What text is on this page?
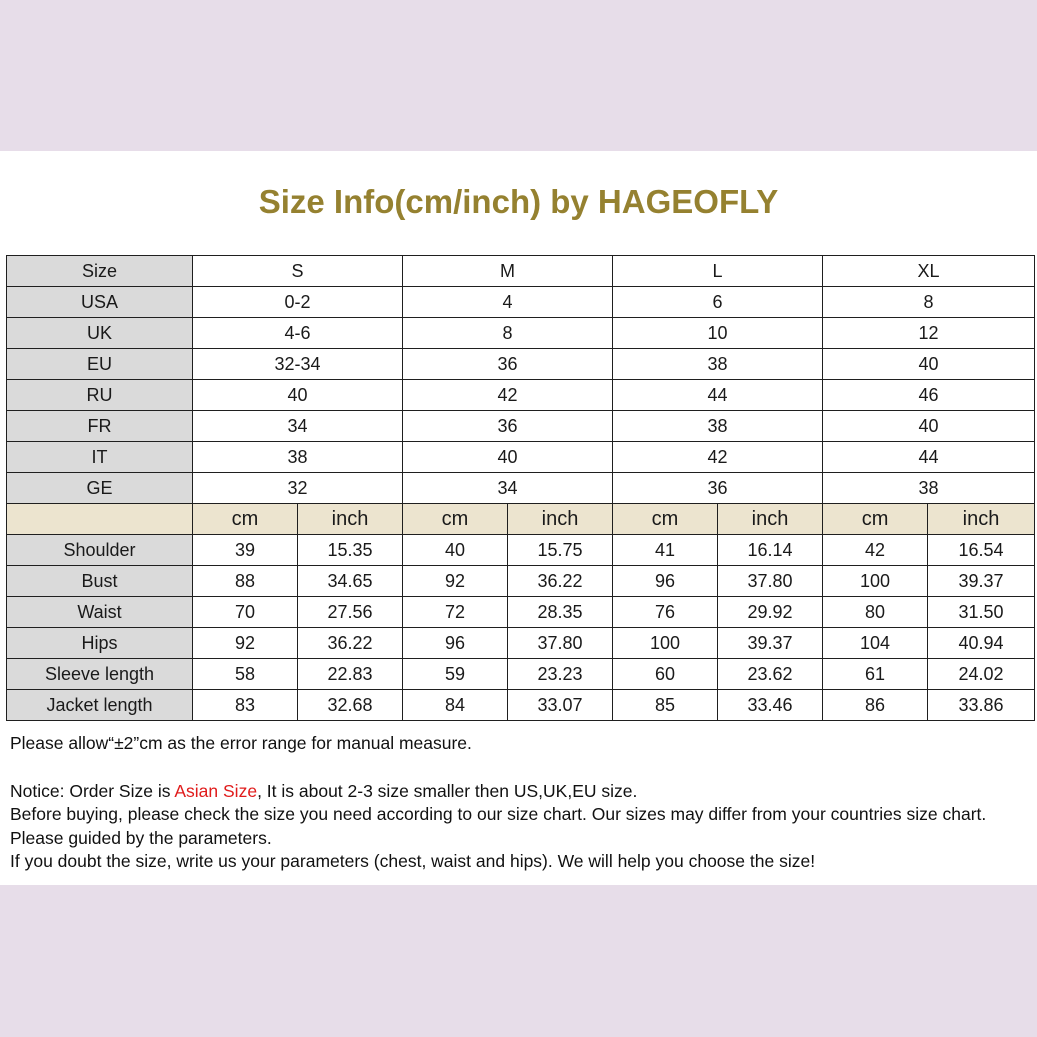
Size Info(cm/inch) by HAGEOFLY
Size	S		M		L		XL	
USA	0-2		4		6		8	
UK	4-6		8		10		12	
EU	32-34		36		38		40	
RU	40		42		44		46	
FR	34		36		38		40	
IT	38		40		42		44	
GE	32		34		36		38	
	cm	inch	cm	inch	cm	inch	cm	inch
Shoulder	39	15.35	40	15.75	41	16.14	42	16.54
Bust	88	34.65	92	36.22	96	37.80	100	39.37
Waist	70	27.56	72	28.35	76	29.92	80	31.50
Hips	92	36.22	96	37.80	100	39.37	104	40.94
Sleeve length	58	22.83	59	23.23	60	23.62	61	24.02
Jacket length	83	32.68	84	33.07	85	33.46	86	33.86

Please allow“±2”cm as the error range for manual measure.

Notice: Order Size is Asian Size, It is about 2-3 size smaller then US,UK,EU size.

Before buying, please check the size you need according to our size chart. Our sizes may differ from your countries size chart. Please guided by the parameters.

If you doubt the size, write us your parameters (chest, waist and hips). We will help you choose the size!
